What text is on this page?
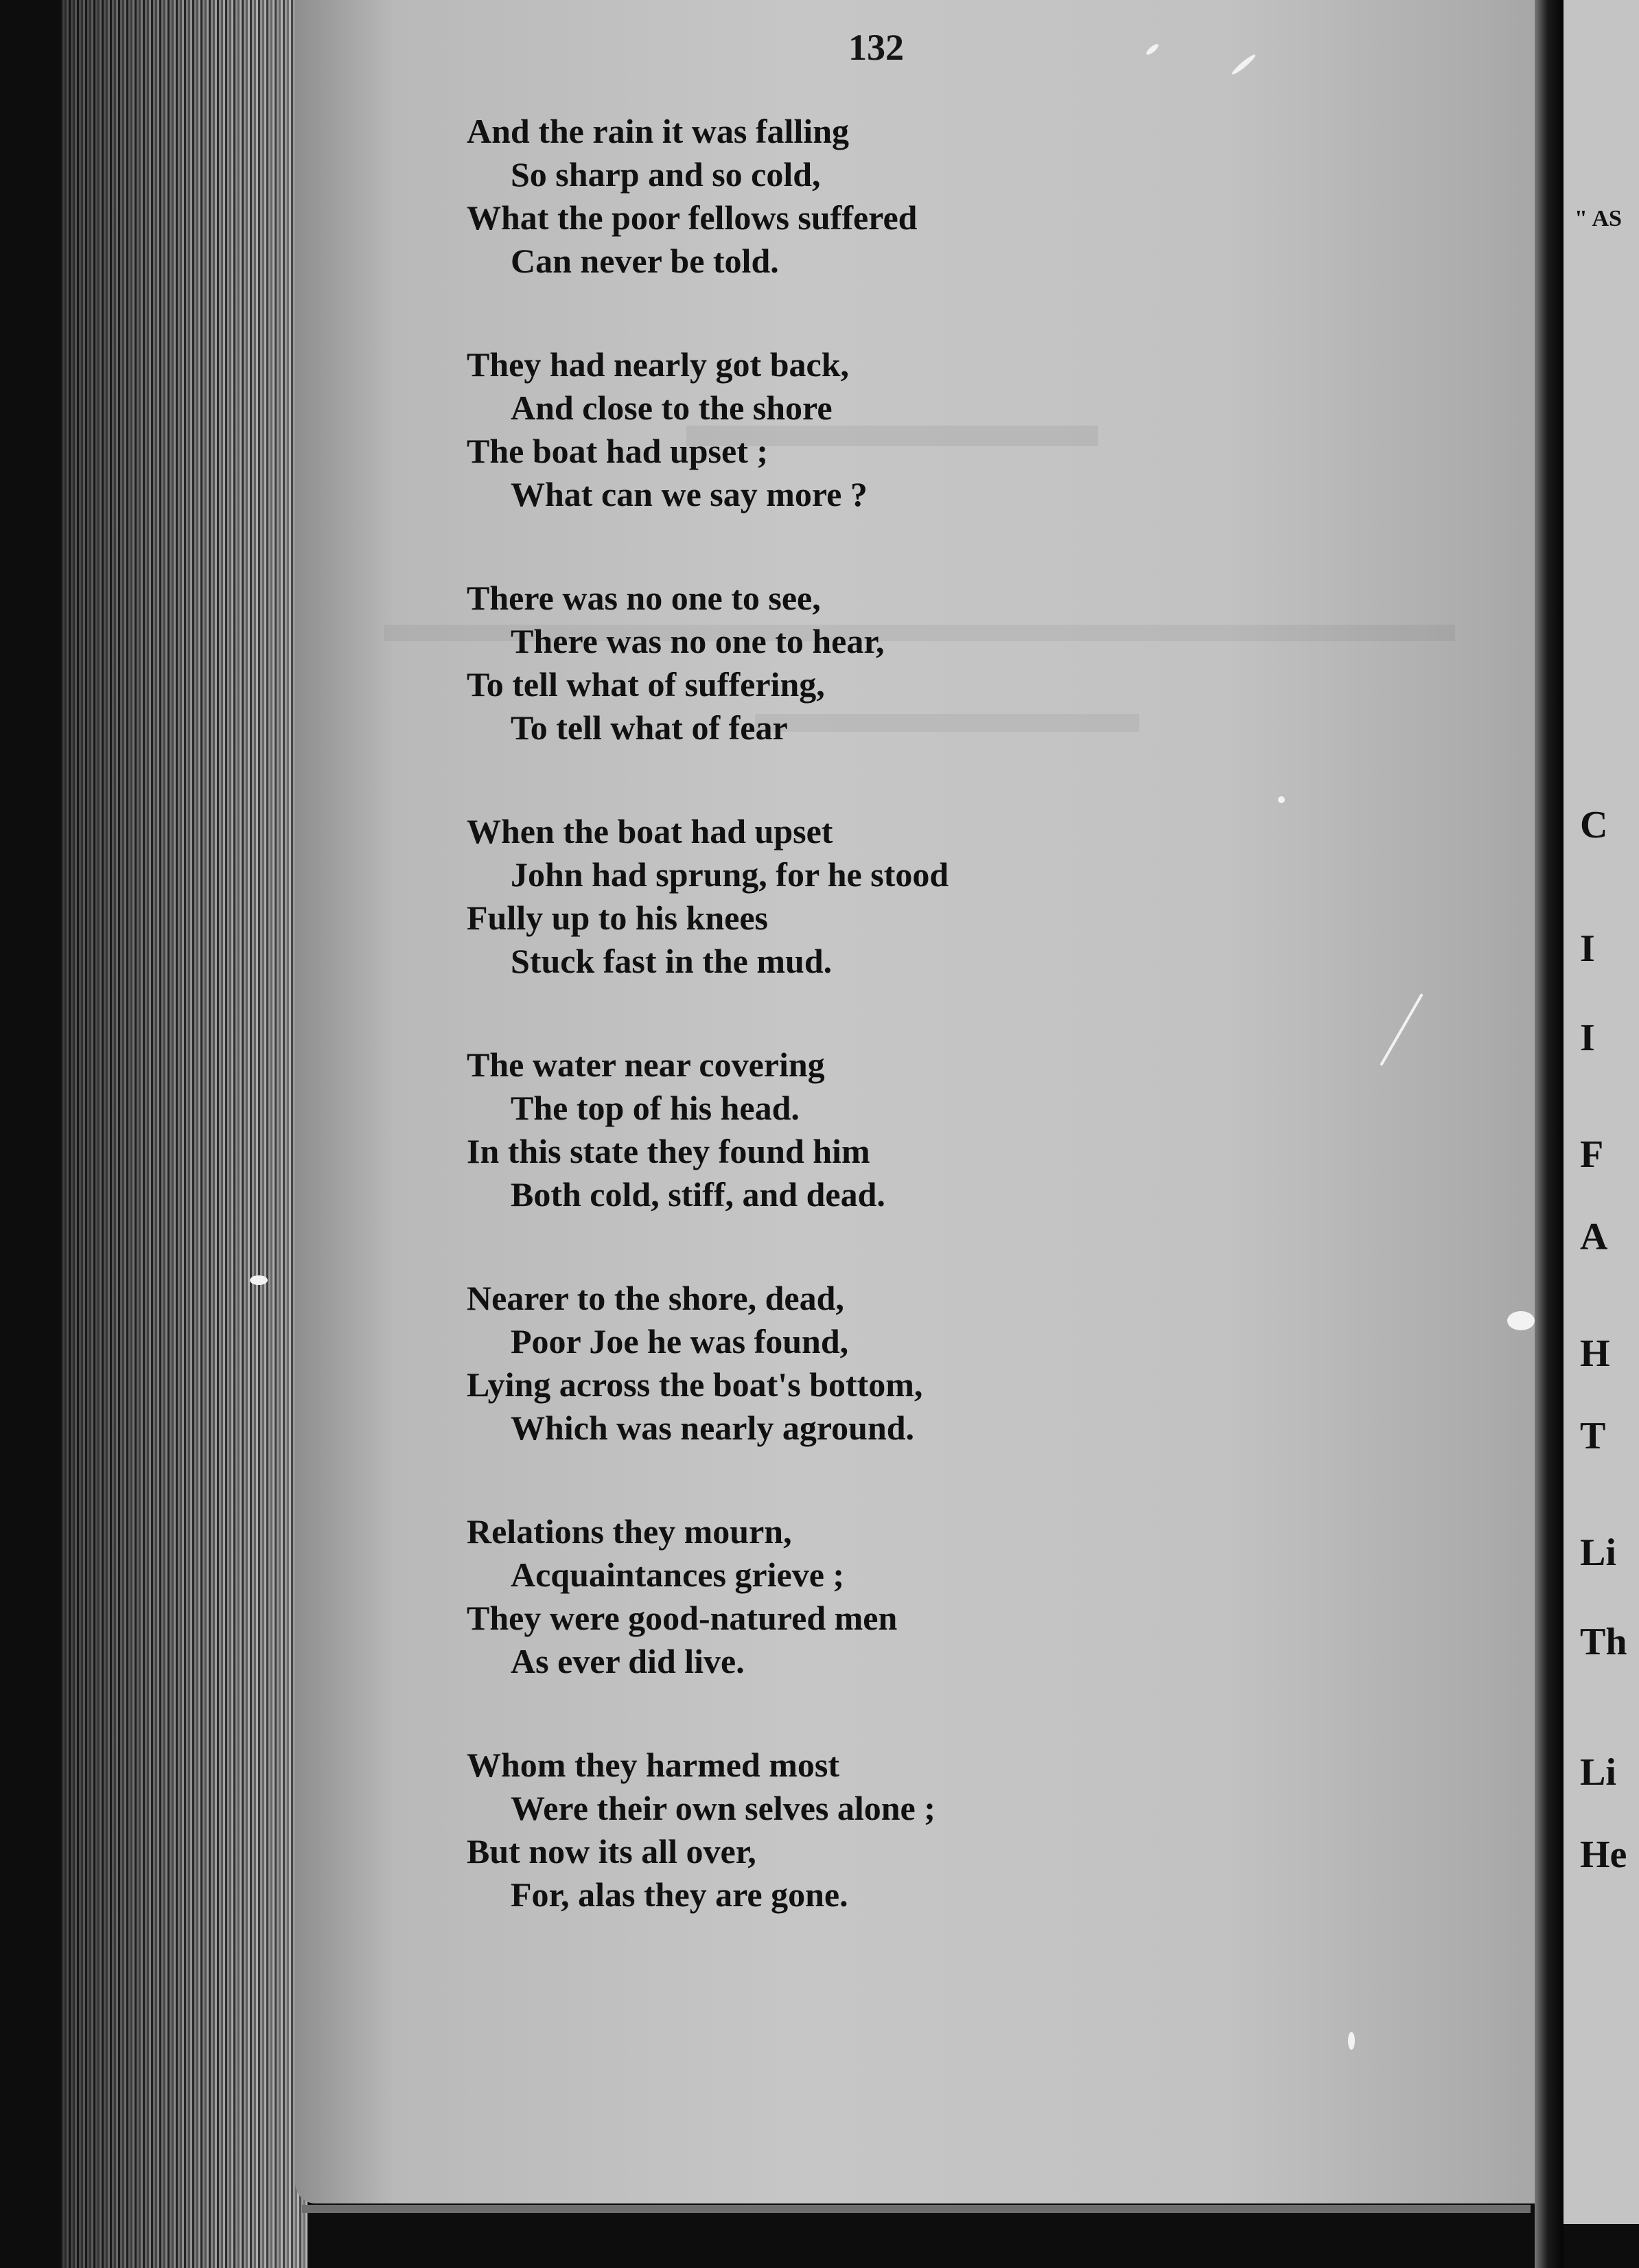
132
And the rain it was falling
So sharp and so cold,
What the poor fellows suffered
Can never be told.
They had nearly got back,
And close to the shore
The boat had upset ;
What can we say more ?
There was no one to see,
There was no one to hear,
To tell what of suffering,
To tell what of fear
When the boat had upset
John had sprung, for he stood
Fully up to his knees
Stuck fast in the mud.
The water near covering
The top of his head.
In this state they found him
Both cold, stiff, and dead.
Nearer to the shore, dead,
Poor Joe he was found,
Lying across the boat's bottom,
Which was nearly aground.
Relations they mourn,
Acquaintances grieve ;
They were good-natured men
As ever did live.
Whom they harmed most
Were their own selves alone ;
But now its all over,
For, alas they are gone.
" AS
C
I
I
F
A
H
T
Li
Th
Li
He
